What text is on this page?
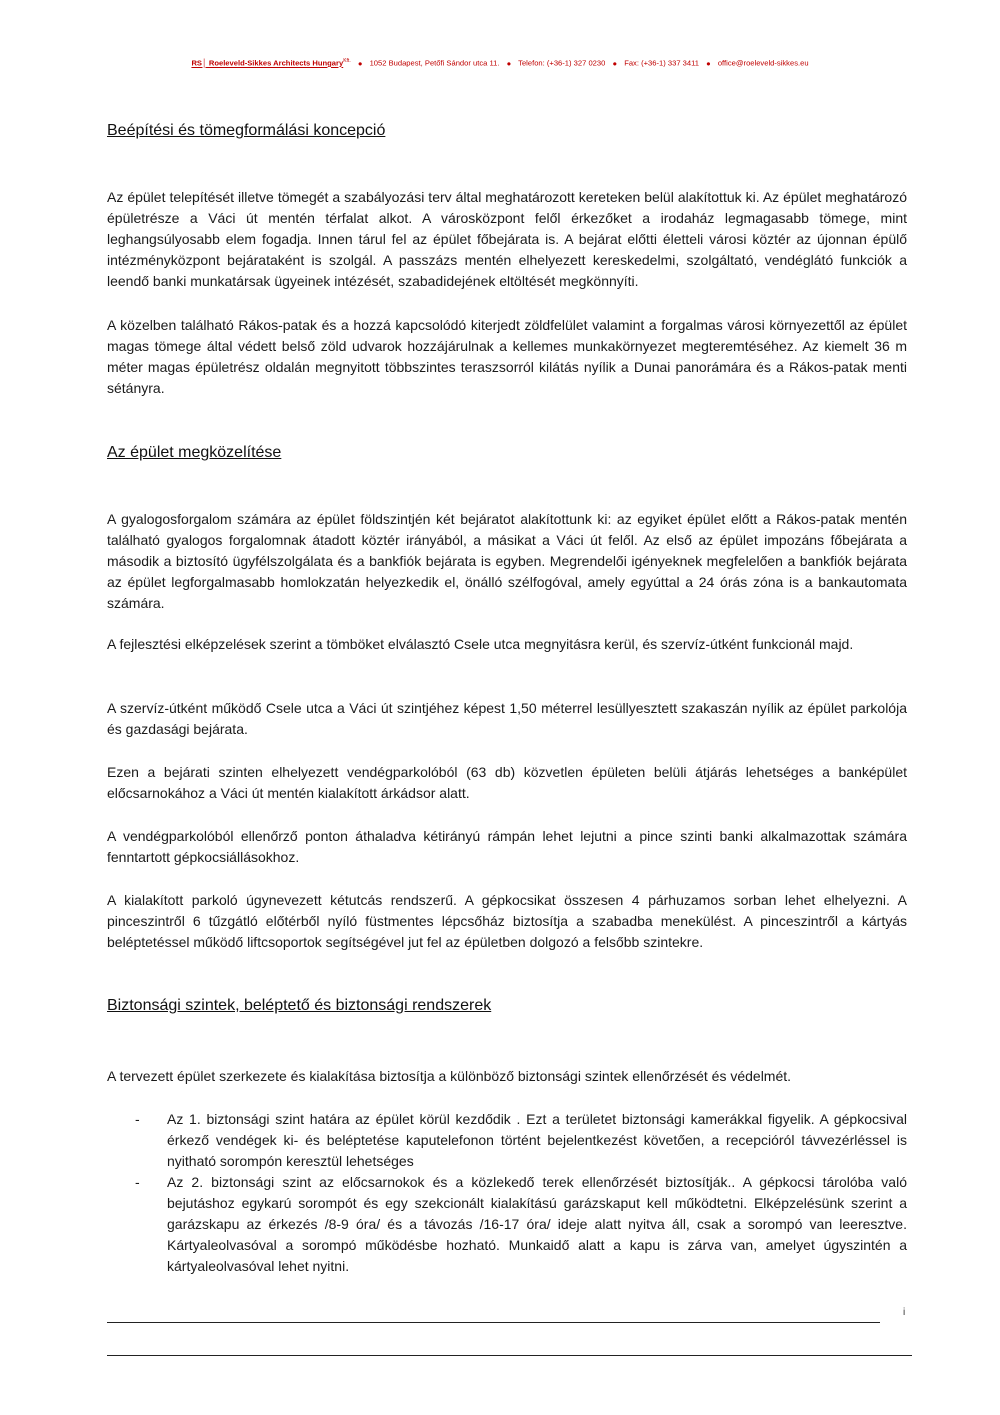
RS│ Roeleveld-Sikkes Architects Hungary$^{Kft.}$ ● 1052 Budapest, Petőfi Sándor utca 11. ● Telefon: (+36-1) 327 0230 ● Fax: (+36-1) 337 3411 ● office@roeleveld-sikkes.eu
Beépítési és tömegformálási koncepció

Az épület telepítését illetve tömegét a szabályozási terv által meghatározott kereteken belül alakítottuk ki. Az épület meghatározó épületrésze a Váci út mentén térfalat alkot. A városközpont felől érkezőket a irodaház legmagasabb tömege, mint leghangsúlyosabb elem fogadja. Innen tárul fel az épület főbejárata is. A bejárat előtti életteli városi köztér az újonnan épülő intézményközpont bejárataként is szolgál. A passzázs mentén elhelyezett kereskedelmi, szolgáltató, vendéglátó funkciók a leendő banki munkatársak ügyeinek intézését, szabadidejének eltöltését megkönnyíti.

A közelben található Rákos-patak és a hozzá kapcsolódó kiterjedt zöldfelület valamint a forgalmas városi környezettől az épület magas tömege által védett belső zöld udvarok hozzájárulnak a kellemes munkakörnyezet megteremtéséhez. Az kiemelt 36 m méter magas épületrész oldalán megnyitott többszintes teraszsorról kilátás nyílik a Dunai panorámára és a Rákos-patak menti sétányra.

Az épület megközelítése

A gyalogosforgalom számára az épület földszintjén két bejáratot alakítottunk ki: az egyiket épület előtt a Rákos-patak mentén található gyalogos forgalomnak átadott köztér irányából, a másikat a Váci út felől. Az első az épület impozáns főbejárata a második a biztosító ügyfélszolgálata és a bankfiók bejárata is egyben. Megrendelői igényeknek megfelelően a bankfiók bejárata az épület legforgalmasabb homlokzatán helyezkedik el, önálló szélfogóval, amely egyúttal a 24 órás zóna is a bankautomata számára.

A fejlesztési elképzelések szerint a tömböket elválasztó Csele utca megnyitásra kerül, és szervíz-útként funkcionál majd.

A szervíz-útként működő Csele utca a Váci út szintjéhez képest 1,50 méterrel lesüllyesztett szakaszán nyílik az épület parkolója és gazdasági bejárata.

Ezen a bejárati szinten elhelyezett vendégparkolóból (63 db) közvetlen épületen belüli átjárás lehetséges a banképület előcsarnokához a Váci út mentén kialakított árkádsor alatt.

A vendégparkolóból ellenőrző ponton áthaladva kétirányú rámpán lehet lejutni a pince szinti banki alkalmazottak számára fenntartott gépkocsiállásokhoz.

A kialakított parkoló úgynevezett kétutcás rendszerű. A gépkocsikat összesen 4 párhuzamos sorban lehet elhelyezni. A pinceszintről 6 tűzgátló előtérből nyíló füstmentes lépcsőház biztosítja a szabadba menekülést. A pinceszintről a kártyás beléptetéssel működő liftcsoportok segítségével jut fel az épületben dolgozó a felsőbb szintekre.

Biztonsági szintek, beléptető és biztonsági rendszerek

A tervezett épület szerkezete és kialakítása biztosítja a különböző biztonsági szintek ellenőrzését és védelmét.

- Az 1. biztonsági szint határa az épület körül kezdődik . Ezt a területet biztonsági kamerákkal figyelik. A gépkocsival érkező vendégek ki- és beléptetése kaputelefonon történt bejelentkezést követően, a recepcióról távvezérléssel is nyitható sorompón keresztül lehetséges
- Az 2. biztonsági szint az előcsarnokok és a közlekedő terek ellenőrzését biztosítják.. A gépkocsi tárolóba való bejutáshoz egykarú sorompót és egy szekcionált kialakítású garázskaput kell működtetni. Elképzelésünk szerint a garázskapu az érkezés /8-9 óra/ és a távozás /16-17 óra/ ideje alatt nyitva áll, csak a sorompó van leeresztve. Kártyaleolvasóval a sorompó működésbe hozható. Munkaidő alatt a kapu is zárva van, amelyet úgyszintén a kártyaleolvasóval lehet nyitni.
i
